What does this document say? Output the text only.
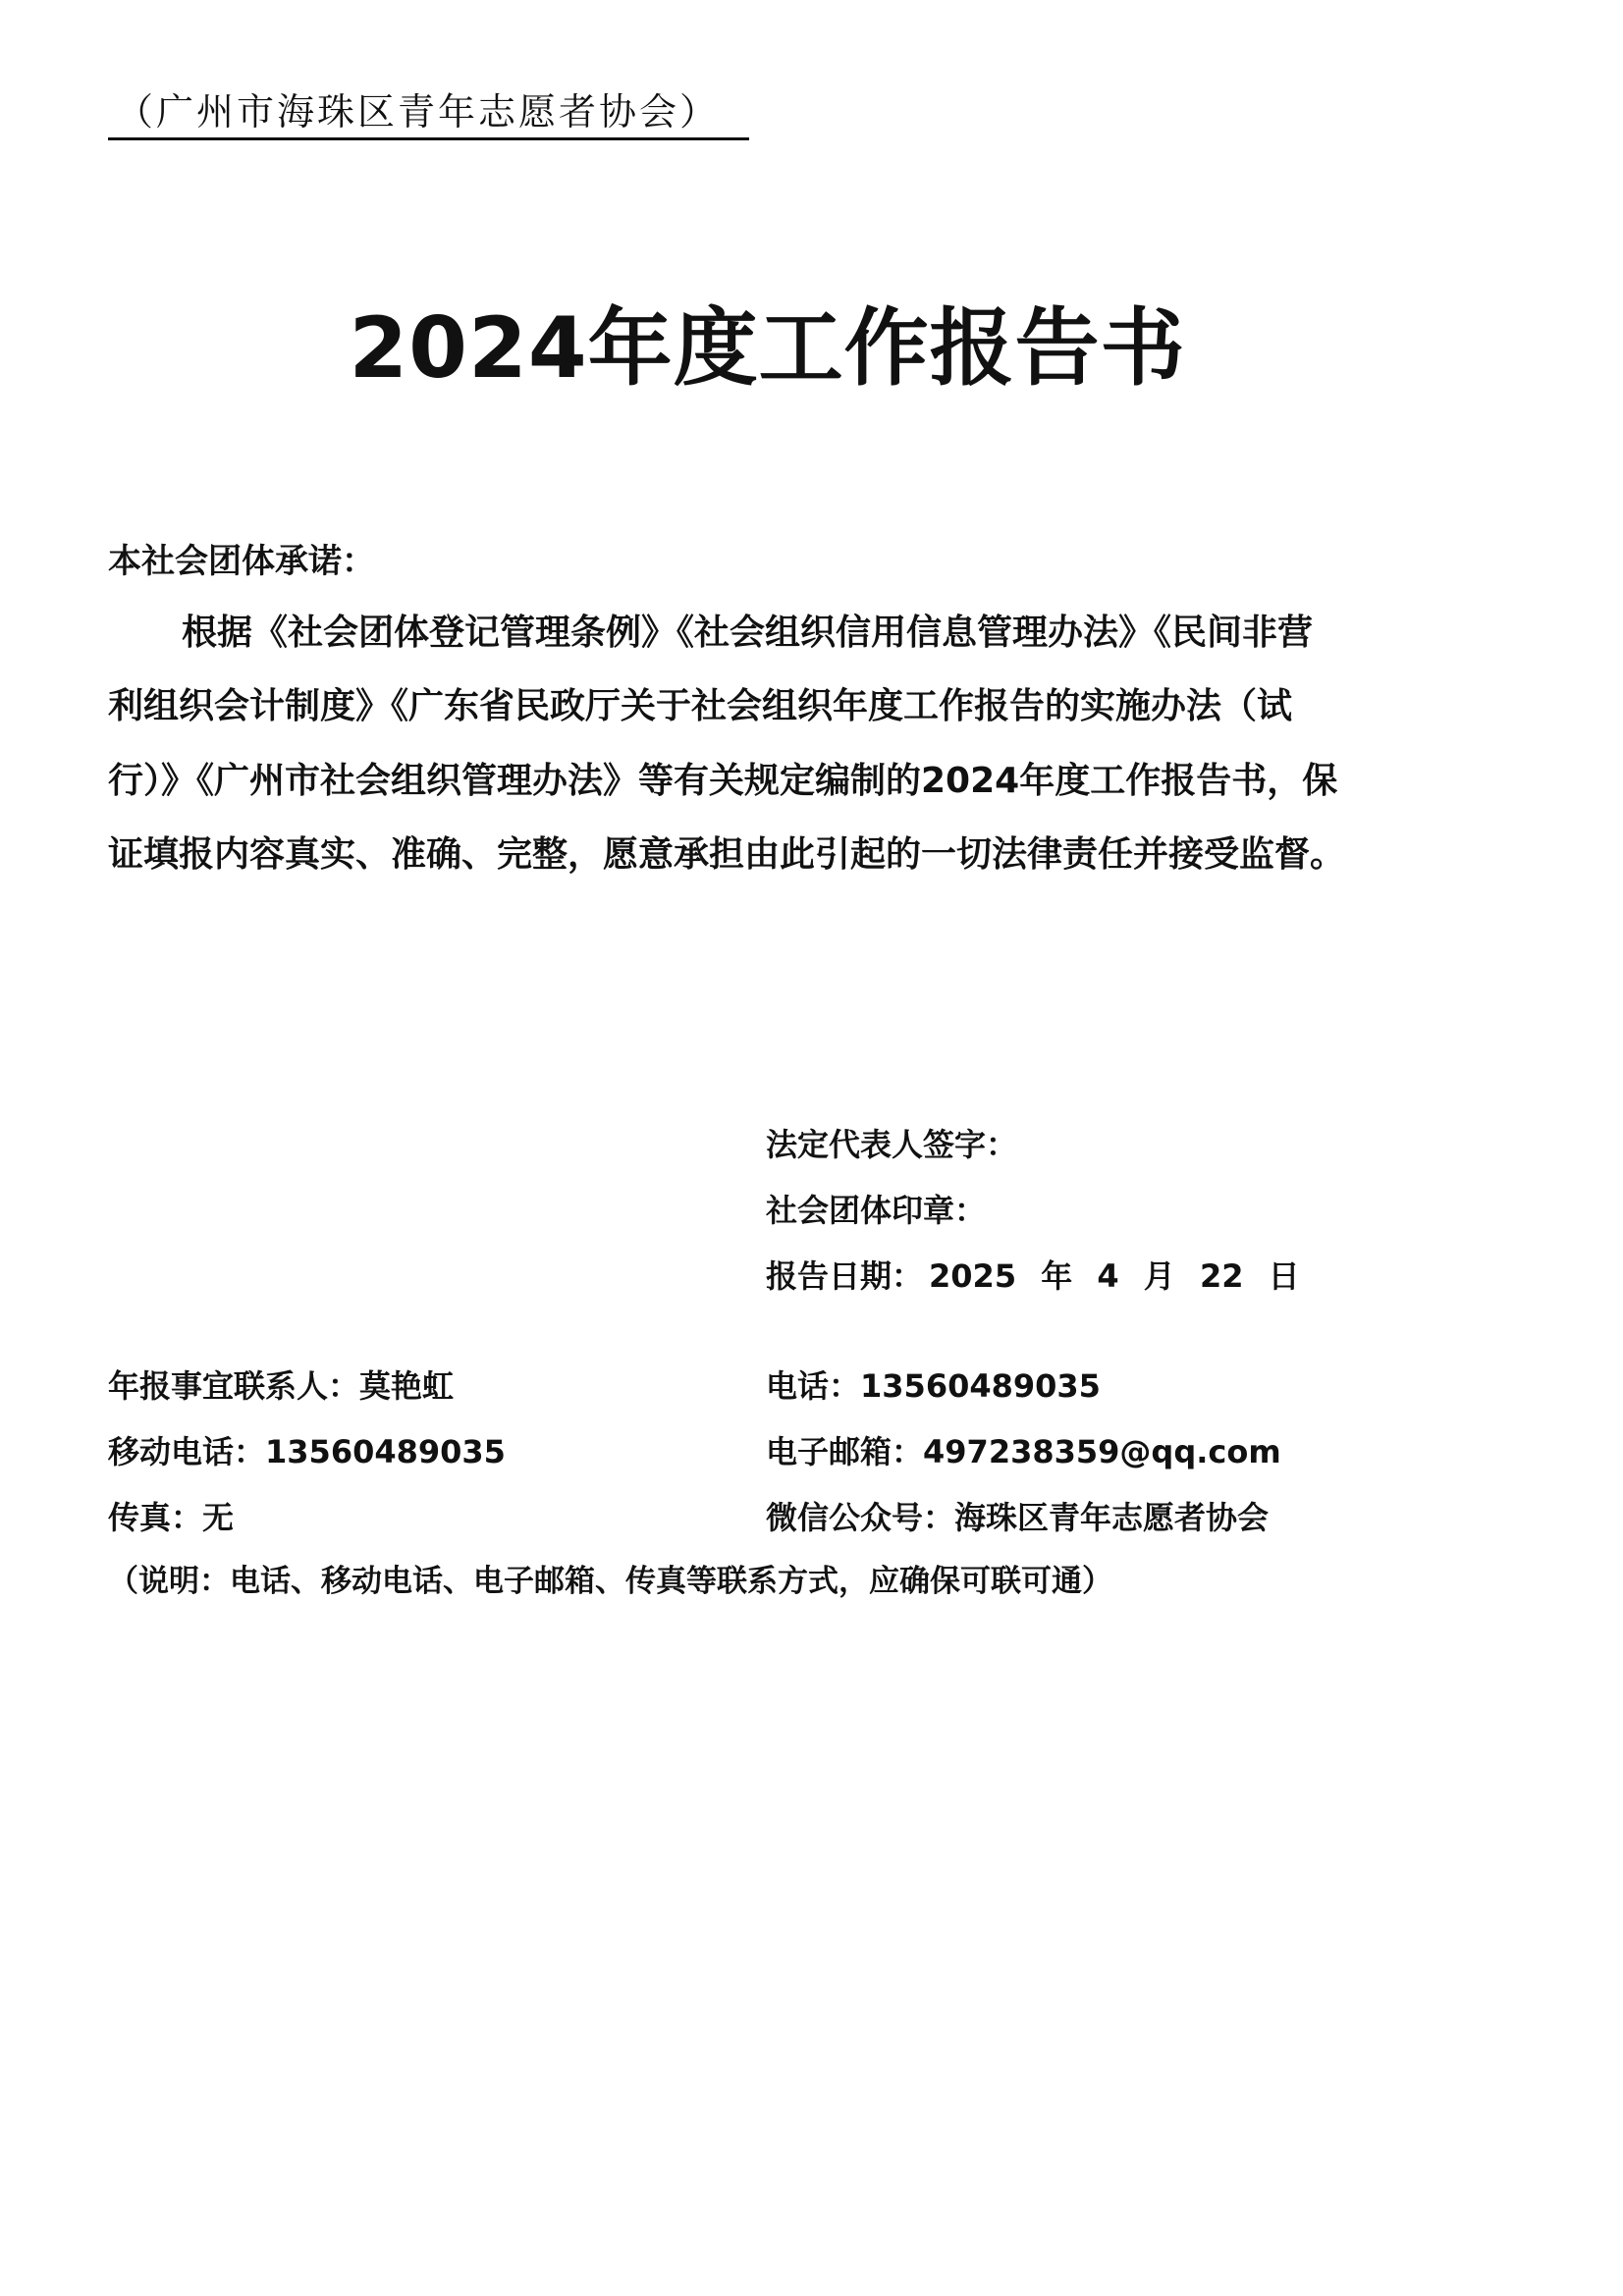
（广州市海珠区青年志愿者协会）
2024年度工作报告书
本社会团体承诺：
根据《社会团体登记管理条例》《社会组织信用信息管理办法》《民间非营
利组织会计制度》《广东省民政厅关于社会组织年度工作报告的实施办法（试
行）》《广州市社会组织管理办法》等有关规定编制的2024年度工作报告书，保
证填报内容真实、准确、完整，愿意承担由此引起的一切法律责任并接受监督。
法定代表人签字：
社会团体印章：
报告日期： 2025 年 4 月 22 日
年报事宜联系人：莫艳虹	电话：13560489035
移动电话：13560489035	电子邮箱：497238359@qq.com
传真：无	微信公众号：海珠区青年志愿者协会
（说明：电话、移动电话、电子邮箱、传真等联系方式，应确保可联可通）
